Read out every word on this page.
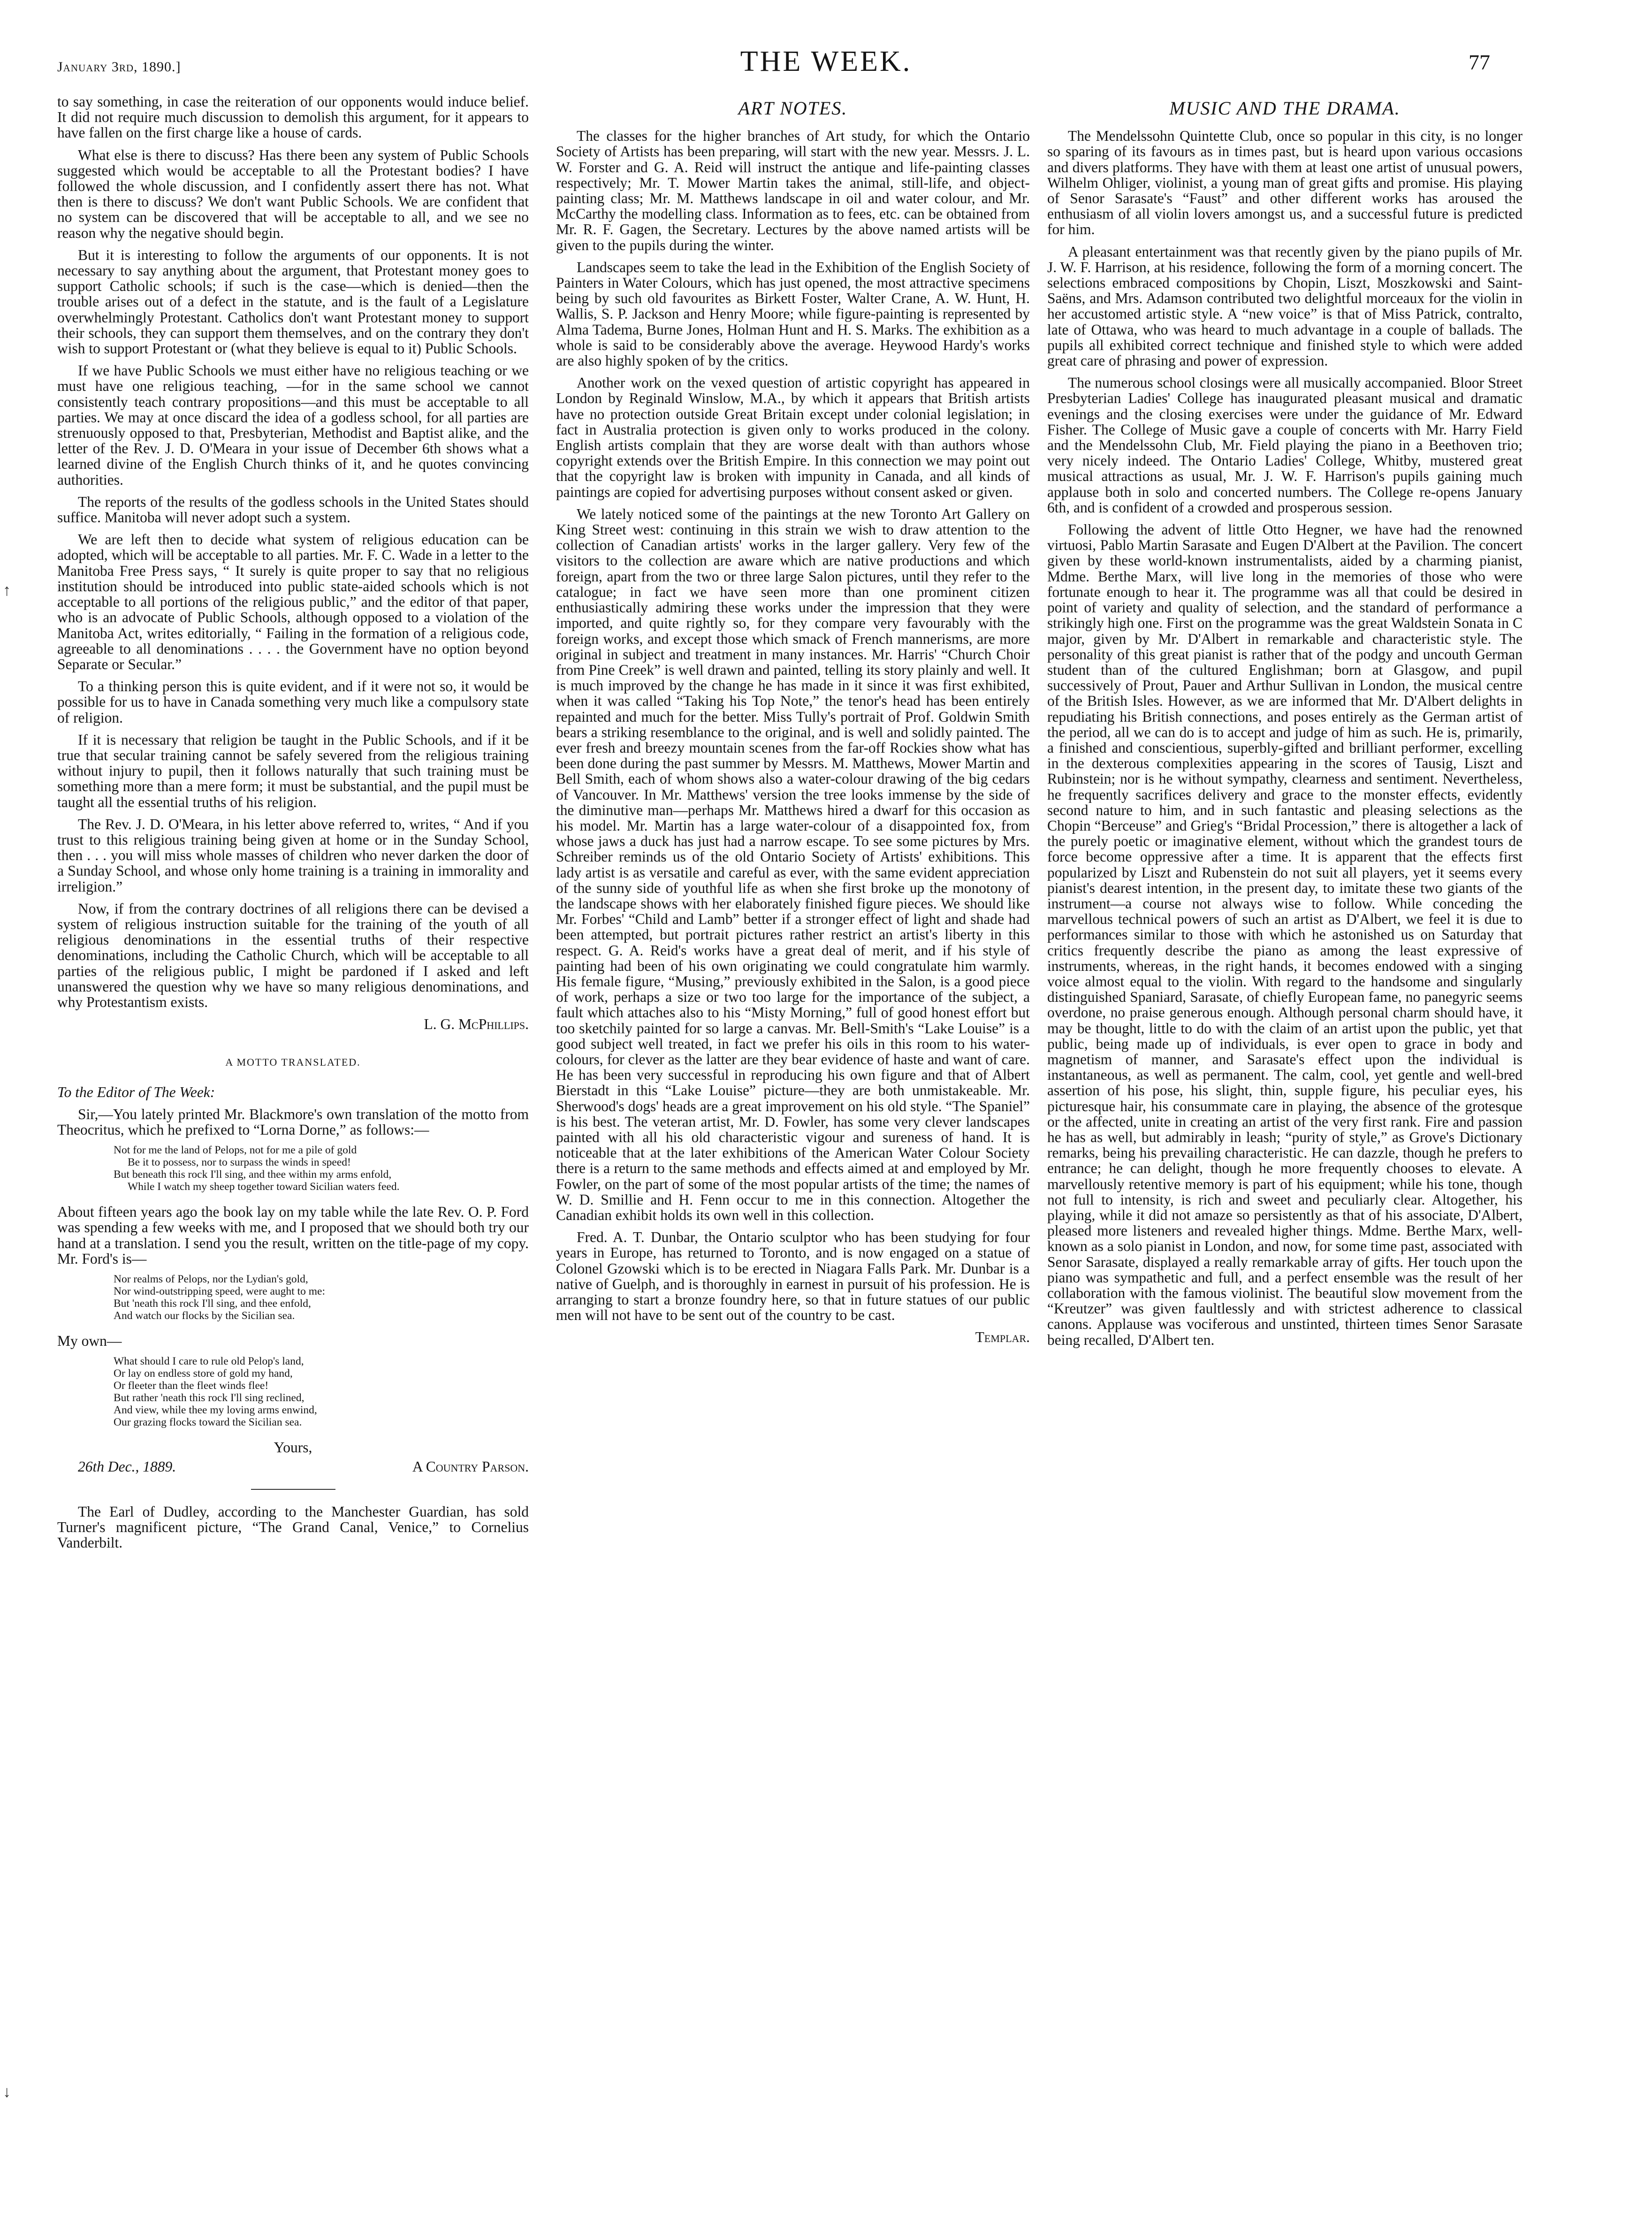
January 3rd, 1890.]	THE WEEK.	77
↑
↓

to say something, in case the reiteration of our opponents would induce belief. It did not require much discussion to demolish this argument, for it appears to have fallen on the first charge like a house of cards.

What else is there to discuss? Has there been any system of Public Schools suggested which would be acceptable to all the Protestant bodies? I have followed the whole discussion, and I confidently assert there has not. What then is there to discuss? We don't want Public Schools. We are confident that no system can be discovered that will be acceptable to all, and we see no reason why the negative should begin.

But it is interesting to follow the arguments of our opponents. It is not necessary to say anything about the argument, that Protestant money goes to support Catholic schools; if such is the case—which is denied—then the trouble arises out of a defect in the statute, and is the fault of a Legislature overwhelmingly Protestant. Catholics don't want Protestant money to support their schools, they can support them themselves, and on the contrary they don't wish to support Protestant or (what they believe is equal to it) Public Schools.

If we have Public Schools we must either have no religious teaching or we must have one religious teaching, —for in the same school we cannot consistently teach contrary propositions—and this must be acceptable to all parties. We may at once discard the idea of a godless school, for all parties are strenuously opposed to that, Presbyterian, Methodist and Baptist alike, and the letter of the Rev. J. D. O'Meara in your issue of December 6th shows what a learned divine of the English Church thinks of it, and he quotes convincing authorities.

The reports of the results of the godless schools in the United States should suffice. Manitoba will never adopt such a system.

We are left then to decide what system of religious education can be adopted, which will be acceptable to all parties. Mr. F. C. Wade in a letter to the Manitoba Free Press says, “ It surely is quite proper to say that no religious institution should be introduced into public state-aided schools which is not acceptable to all portions of the religious public,” and the editor of that paper, who is an advocate of Public Schools, although opposed to a violation of the Manitoba Act, writes editorially, “ Failing in the formation of a religious code, agreeable to all denominations . . . . the Government have no option beyond Separate or Secular.”

To a thinking person this is quite evident, and if it were not so, it would be possible for us to have in Canada something very much like a compulsory state of religion.

If it is necessary that religion be taught in the Public Schools, and if it be true that secular training cannot be safely severed from the religious training without injury to pupil, then it follows naturally that such training must be something more than a mere form; it must be substantial, and the pupil must be taught all the essential truths of his religion.

The Rev. J. D. O'Meara, in his letter above referred to, writes, “ And if you trust to this religious training being given at home or in the Sunday School, then . . . you will miss whole masses of children who never darken the door of a Sunday School, and whose only home training is a training in immorality and irreligion.”

Now, if from the contrary doctrines of all religions there can be devised a system of religious instruction suitable for the training of the youth of all religious denominations in the essential truths of their respective denominations, including the Catholic Church, which will be acceptable to all parties of the religious public, I might be pardoned if I asked and left unanswered the question why we have so many religious denominations, and why Protestantism exists.

L. G. McPhillips.
A MOTTO TRANSLATED.

To the Editor of The Week:

Sir,—You lately printed Mr. Blackmore's own translation of the motto from Theocritus, which he prefixed to “Lorna Dorne,” as follows:—

Not for me the land of Pelops, not for me a pile of gold
Be it to possess, nor to surpass the winds in speed!
But beneath this rock I'll sing, and thee within my arms enfold,
While I watch my sheep together toward Sicilian waters feed.

About fifteen years ago the book lay on my table while the late Rev. O. P. Ford was spending a few weeks with me, and I proposed that we should both try our hand at a translation. I send you the result, written on the title-page of my copy. Mr. Ford's is—

Nor realms of Pelops, nor the Lydian's gold,
Nor wind-outstripping speed, were aught to me:
But 'neath this rock I'll sing, and thee enfold,
And watch our flocks by the Sicilian sea.

My own—

What should I care to rule old Pelop's land,
Or lay on endless store of gold my hand,
Or fleeter than the fleet winds flee!
But rather 'neath this rock I'll sing reclined,
And view, while thee my loving arms enwind,
Our grazing flocks toward the Sicilian sea.
Yours,
26th Dec., 1889.	A Country Parson.

The Earl of Dudley, according to the Manchester Guardian, has sold Turner's magnificent picture, “The Grand Canal, Venice,” to Cornelius Vanderbilt.

ART NOTES.

The classes for the higher branches of Art study, for which the Ontario Society of Artists has been preparing, will start with the new year. Messrs. J. L. W. Forster and G. A. Reid will instruct the antique and life-painting classes respectively; Mr. T. Mower Martin takes the animal, still-life, and object-painting class; Mr. M. Matthews landscape in oil and water colour, and Mr. McCarthy the modelling class. Information as to fees, etc. can be obtained from Mr. R. F. Gagen, the Secretary. Lectures by the above named artists will be given to the pupils during the winter.

Landscapes seem to take the lead in the Exhibition of the English Society of Painters in Water Colours, which has just opened, the most attractive specimens being by such old favourites as Birkett Foster, Walter Crane, A. W. Hunt, H. Wallis, S. P. Jackson and Henry Moore; while figure-painting is represented by Alma Tadema, Burne Jones, Holman Hunt and H. S. Marks. The exhibition as a whole is said to be considerably above the average. Heywood Hardy's works are also highly spoken of by the critics.

Another work on the vexed question of artistic copyright has appeared in London by Reginald Winslow, M.A., by which it appears that British artists have no protection outside Great Britain except under colonial legislation; in fact in Australia protection is given only to works produced in the colony. English artists complain that they are worse dealt with than authors whose copyright extends over the British Empire. In this connection we may point out that the copyright law is broken with impunity in Canada, and all kinds of paintings are copied for advertising purposes without consent asked or given.

We lately noticed some of the paintings at the new Toronto Art Gallery on King Street west: continuing in this strain we wish to draw attention to the collection of Canadian artists' works in the larger gallery. Very few of the visitors to the collection are aware which are native productions and which foreign, apart from the two or three large Salon pictures, until they refer to the catalogue; in fact we have seen more than one prominent citizen enthusiastically admiring these works under the impression that they were imported, and quite rightly so, for they compare very favourably with the foreign works, and except those which smack of French mannerisms, are more original in subject and treatment in many instances. Mr. Harris' “Church Choir from Pine Creek” is well drawn and painted, telling its story plainly and well. It is much improved by the change he has made in it since it was first exhibited, when it was called “Taking his Top Note,” the tenor's head has been entirely repainted and much for the better. Miss Tully's portrait of Prof. Goldwin Smith bears a striking resemblance to the original, and is well and solidly painted. The ever fresh and breezy mountain scenes from the far-off Rockies show what has been done during the past summer by Messrs. M. Matthews, Mower Martin and Bell Smith, each of whom shows also a water-colour drawing of the big cedars of Vancouver. In Mr. Matthews' version the tree looks immense by the side of the diminutive man—perhaps Mr. Matthews hired a dwarf for this occasion as his model. Mr. Martin has a large water-colour of a disappointed fox, from whose jaws a duck has just had a narrow escape. To see some pictures by Mrs. Schreiber reminds us of the old Ontario Society of Artists' exhibitions. This lady artist is as versatile and careful as ever, with the same evident appreciation of the sunny side of youthful life as when she first broke up the monotony of the landscape shows with her elaborately finished figure pieces. We should like Mr. Forbes' “Child and Lamb” better if a stronger effect of light and shade had been attempted, but portrait pictures rather restrict an artist's liberty in this respect. G. A. Reid's works have a great deal of merit, and if his style of painting had been of his own originating we could congratulate him warmly. His female figure, “Musing,” previously exhibited in the Salon, is a good piece of work, perhaps a size or two too large for the importance of the subject, a fault which attaches also to his “Misty Morning,” full of good honest effort but too sketchily painted for so large a canvas. Mr. Bell-Smith's “Lake Louise” is a good subject well treated, in fact we prefer his oils in this room to his water-colours, for clever as the latter are they bear evidence of haste and want of care. He has been very successful in reproducing his own figure and that of Albert Bierstadt in this “Lake Louise” picture—they are both unmistakeable. Mr. Sherwood's dogs' heads are a great improvement on his old style. “The Spaniel” is his best. The veteran artist, Mr. D. Fowler, has some very clever landscapes painted with all his old characteristic vigour and sureness of hand. It is noticeable that at the later exhibitions of the American Water Colour Society there is a return to the same methods and effects aimed at and employed by Mr. Fowler, on the part of some of the most popular artists of the time; the names of W. D. Smillie and H. Fenn occur to me in this connection. Altogether the Canadian exhibit holds its own well in this collection.

Fred. A. T. Dunbar, the Ontario sculptor who has been studying for four years in Europe, has returned to Toronto, and is now engaged on a statue of Colonel Gzowski which is to be erected in Niagara Falls Park. Mr. Dunbar is a native of Guelph, and is thoroughly in earnest in pursuit of his profession. He is arranging to start a bronze foundry here, so that in future statues of our public men will not have to be sent out of the country to be cast.

Templar.
MUSIC AND THE DRAMA.

The Mendelssohn Quintette Club, once so popular in this city, is no longer so sparing of its favours as in times past, but is heard upon various occasions and divers platforms. They have with them at least one artist of unusual powers, Wilhelm Ohliger, violinist, a young man of great gifts and promise. His playing of Senor Sarasate's “Faust” and other different works has aroused the enthusiasm of all violin lovers amongst us, and a successful future is predicted for him.

A pleasant entertainment was that recently given by the piano pupils of Mr. J. W. F. Harrison, at his residence, following the form of a morning concert. The selections embraced compositions by Chopin, Liszt, Moszkowski and Saint-Saëns, and Mrs. Adamson contributed two delightful morceaux for the violin in her accustomed artistic style. A “new voice” is that of Miss Patrick, contralto, late of Ottawa, who was heard to much advantage in a couple of ballads. The pupils all exhibited correct technique and finished style to which were added great care of phrasing and power of expression.

The numerous school closings were all musically accompanied. Bloor Street Presbyterian Ladies' College has inaugurated pleasant musical and dramatic evenings and the closing exercises were under the guidance of Mr. Edward Fisher. The College of Music gave a couple of concerts with Mr. Harry Field and the Mendelssohn Club, Mr. Field playing the piano in a Beethoven trio; very nicely indeed. The Ontario Ladies' College, Whitby, mustered great musical attractions as usual, Mr. J. W. F. Harrison's pupils gaining much applause both in solo and concerted numbers. The College re-opens January 6th, and is confident of a crowded and prosperous session.

Following the advent of little Otto Hegner, we have had the renowned virtuosi, Pablo Martin Sarasate and Eugen D'Albert at the Pavilion. The concert given by these world-known instrumentalists, aided by a charming pianist, Mdme. Berthe Marx, will live long in the memories of those who were fortunate enough to hear it. The programme was all that could be desired in point of variety and quality of selection, and the standard of performance a strikingly high one. First on the programme was the great Waldstein Sonata in C major, given by Mr. D'Albert in remarkable and characteristic style. The personality of this great pianist is rather that of the podgy and uncouth German student than of the cultured Englishman; born at Glasgow, and pupil successively of Prout, Pauer and Arthur Sullivan in London, the musical centre of the British Isles. However, as we are informed that Mr. D'Albert delights in repudiating his British connections, and poses entirely as the German artist of the period, all we can do is to accept and judge of him as such. He is, primarily, a finished and conscientious, superbly-gifted and brilliant performer, excelling in the dexterous complexities appearing in the scores of Tausig, Liszt and Rubinstein; nor is he without sympathy, clearness and sentiment. Nevertheless, he frequently sacrifices delivery and grace to the monster effects, evidently second nature to him, and in such fantastic and pleasing selections as the Chopin “Berceuse” and Grieg's “Bridal Procession,” there is altogether a lack of the purely poetic or imaginative element, without which the grandest tours de force become oppressive after a time. It is apparent that the effects first popularized by Liszt and Rubenstein do not suit all players, yet it seems every pianist's dearest intention, in the present day, to imitate these two giants of the instrument—a course not always wise to follow. While conceding the marvellous technical powers of such an artist as D'Albert, we feel it is due to performances similar to those with which he astonished us on Saturday that critics frequently describe the piano as among the least expressive of instruments, whereas, in the right hands, it becomes endowed with a singing voice almost equal to the violin. With regard to the handsome and singularly distinguished Spaniard, Sarasate, of chiefly European fame, no panegyric seems overdone, no praise generous enough. Although personal charm should have, it may be thought, little to do with the claim of an artist upon the public, yet that public, being made up of individuals, is ever open to grace in body and magnetism of manner, and Sarasate's effect upon the individual is instantaneous, as well as permanent. The calm, cool, yet gentle and well-bred assertion of his pose, his slight, thin, supple figure, his peculiar eyes, his picturesque hair, his consummate care in playing, the absence of the grotesque or the affected, unite in creating an artist of the very first rank. Fire and passion he has as well, but admirably in leash; “purity of style,” as Grove's Dictionary remarks, being his prevailing characteristic. He can dazzle, though he prefers to entrance; he can delight, though he more frequently chooses to elevate. A marvellously retentive memory is part of his equipment; while his tone, though not full to intensity, is rich and sweet and peculiarly clear. Altogether, his playing, while it did not amaze so persistently as that of his associate, D'Albert, pleased more listeners and revealed higher things. Mdme. Berthe Marx, well-known as a solo pianist in London, and now, for some time past, associated with Senor Sarasate, displayed a really remarkable array of gifts. Her touch upon the piano was sympathetic and full, and a perfect ensemble was the result of her collaboration with the famous violinist. The beautiful slow movement from the “Kreutzer” was given faultlessly and with strictest adherence to classical canons. Applause was vociferous and unstinted, thirteen times Senor Sarasate being recalled, D'Albert ten.
